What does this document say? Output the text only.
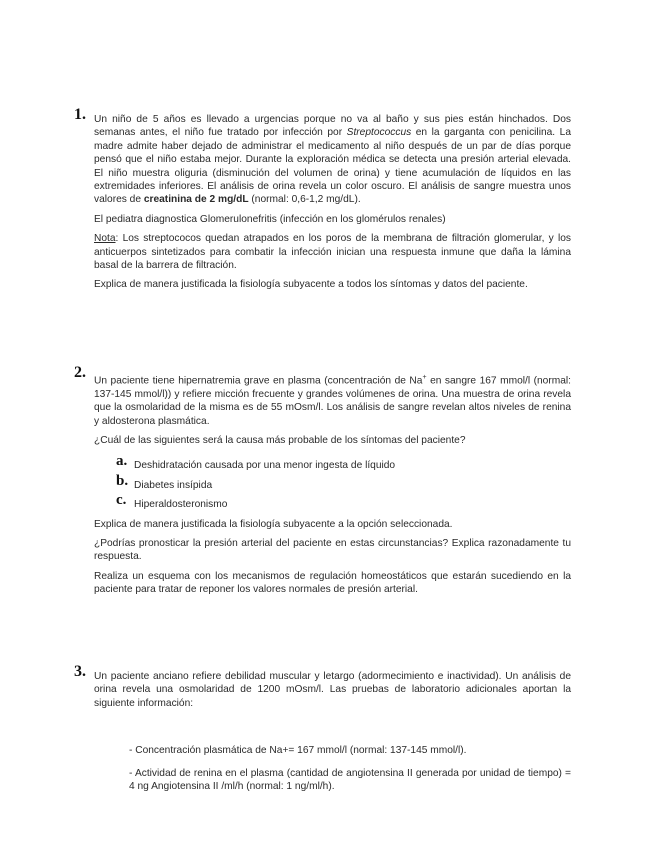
1. Un niño de 5 años es llevado a urgencias porque no va al baño y sus pies están hinchados. Dos semanas antes, el niño fue tratado por infección por Streptococcus en la garganta con penicilina. La madre admite haber dejado de administrar el medicamento al niño después de un par de días porque pensó que el niño estaba mejor. Durante la exploración médica se detecta una presión arterial elevada. El niño muestra oliguria (disminución del volumen de orina) y tiene acumulación de líquidos en las extremidades inferiores. El análisis de orina revela un color oscuro. El análisis de sangre muestra unos valores de creatinina de 2 mg/dL (normal: 0,6-1,2 mg/dL).

El pediatra diagnostica Glomerulonefritis (infección en los glomérulos renales)

Nota: Los streptococos quedan atrapados en los poros de la membrana de filtración glomerular, y los anticuerpos sintetizados para combatir la infección inician una respuesta inmune que daña la lámina basal de la barrera de filtración.

Explica de manera justificada la fisiología subyacente a todos los síntomas y datos del paciente.

2. Un paciente tiene hipernatremia grave en plasma (concentración de Na+ en sangre 167 mmol/l (normal: 137-145 mmol/l)) y refiere micción frecuente y grandes volúmenes de orina. Una muestra de orina revela que la osmolaridad de la misma es de 55 mOsm/l. Los análisis de sangre revelan altos niveles de renina y aldosterona plasmática.

¿Cuál de las siguientes será la causa más probable de los síntomas del paciente?

a. Deshidratación causada por una menor ingesta de líquido

b. Diabetes insípida

c. Hiperaldosteronismo

Explica de manera justificada la fisiología subyacente a la opción seleccionada.

¿Podrías pronosticar la presión arterial del paciente en estas circunstancias? Explica razonadamente tu respuesta.

Realiza un esquema con los mecanismos de regulación homeostáticos que estarán sucediendo en la paciente para tratar de reponer los valores normales de presión arterial.

3. Un paciente anciano refiere debilidad muscular y letargo (adormecimiento e inactividad). Un análisis de orina revela una osmolaridad de 1200 mOsm/l. Las pruebas de laboratorio adicionales aportan la siguiente información:

- Concentración plasmática de Na+= 167 mmol/l (normal: 137-145 mmol/l).

- Actividad de renina en el plasma (cantidad de angiotensina II generada por unidad de tiempo) = 4 ng Angiotensina II /ml/h (normal: 1 ng/ml/h).
